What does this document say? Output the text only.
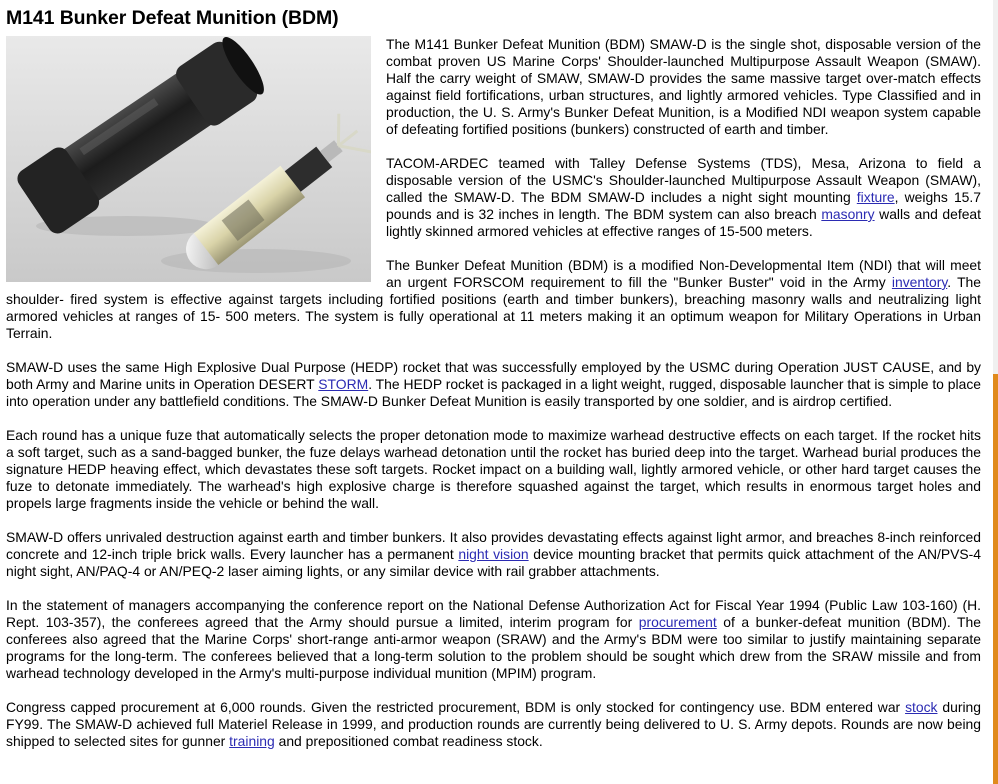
M141 Bunker Defeat Munition (BDM)

The M141 Bunker Defeat Munition (BDM) SMAW-D is the single shot, disposable version of the combat proven US Marine Corps' Shoulder-launched Multipurpose Assault Weapon (SMAW). Half the carry weight of SMAW, SMAW-D provides the same massive target over-match effects against field fortifications, urban structures, and lightly armored vehicles. Type Classified and in production, the U. S. Army's Bunker Defeat Munition, is a Modified NDI weapon system capable of defeating fortified positions (bunkers) constructed of earth and timber.

TACOM-ARDEC teamed with Talley Defense Systems (TDS), Mesa, Arizona to field a disposable version of the USMC's Shoulder-launched Multipurpose Assault Weapon (SMAW), called the SMAW-D. The BDM SMAW-D includes a night sight mounting fixture, weighs 15.7 pounds and is 32 inches in length. The BDM system can also breach masonry walls and defeat lightly skinned armored vehicles at effective ranges of 15-500 meters.

The Bunker Defeat Munition (BDM) is a modified Non-Developmental Item (NDI) that will meet an urgent FORSCOM requirement to fill the "Bunker Buster" void in the Army inventory. The shoulder- fired system is effective against targets including fortified positions (earth and timber bunkers), breaching masonry walls and neutralizing light armored vehicles at ranges of 15- 500 meters. The system is fully operational at 11 meters making it an optimum weapon for Military Operations in Urban Terrain.

SMAW-D uses the same High Explosive Dual Purpose (HEDP) rocket that was successfully employed by the USMC during Operation JUST CAUSE, and by both Army and Marine units in Operation DESERT STORM. The HEDP rocket is packaged in a light weight, rugged, disposable launcher that is simple to place into operation under any battlefield conditions. The SMAW-D Bunker Defeat Munition is easily transported by one soldier, and is airdrop certified.

Each round has a unique fuze that automatically selects the proper detonation mode to maximize warhead destructive effects on each target. If the rocket hits a soft target, such as a sand-bagged bunker, the fuze delays warhead detonation until the rocket has buried deep into the target. Warhead burial produces the signature HEDP heaving effect, which devastates these soft targets. Rocket impact on a building wall, lightly armored vehicle, or other hard target causes the fuze to detonate immediately. The warhead's high explosive charge is therefore squashed against the target, which results in enormous target holes and propels large fragments inside the vehicle or behind the wall.

SMAW-D offers unrivaled destruction against earth and timber bunkers. It also provides devastating effects against light armor, and breaches 8-inch reinforced concrete and 12-inch triple brick walls. Every launcher has a permanent night vision device mounting bracket that permits quick attachment of the AN/PVS-4 night sight, AN/PAQ-4 or AN/PEQ-2 laser aiming lights, or any similar device with rail grabber attachments.

In the statement of managers accompanying the conference report on the National Defense Authorization Act for Fiscal Year 1994 (Public Law 103-160) (H. Rept. 103-357), the conferees agreed that the Army should pursue a limited, interim program for procurement of a bunker-defeat munition (BDM). The conferees also agreed that the Marine Corps' short-range anti-armor weapon (SRAW) and the Army's BDM were too similar to justify maintaining separate programs for the long-term. The conferees believed that a long-term solution to the problem should be sought which drew from the SRAW missile and from warhead technology developed in the Army's multi-purpose individual munition (MPIM) program.

Congress capped procurement at 6,000 rounds. Given the restricted procurement, BDM is only stocked for contingency use. BDM entered war stock during FY99. The SMAW-D achieved full Materiel Release in 1999, and production rounds are currently being delivered to U. S. Army depots. Rounds are now being shipped to selected sites for gunner training and prepositioned combat readiness stock.
